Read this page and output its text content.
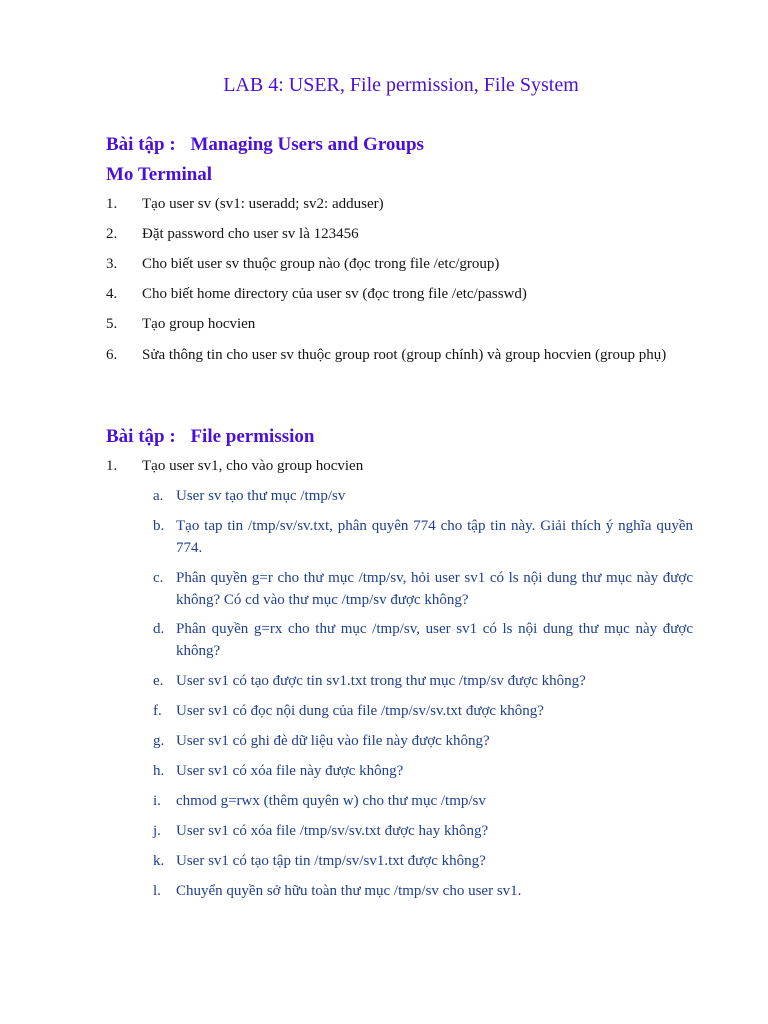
LAB 4: USER, File permission, File System
Bài tập : Managing Users and Groups
Mo Terminal
1.	Tạo user sv (sv1: useradd; sv2: adduser)
2.	Đặt password cho user sv là 123456
3.	Cho biết user sv thuộc group nào (đọc trong file /etc/group)
4.	Cho biết home directory của user sv (đọc trong file /etc/passwd)
5.	Tạo group hocvien
6.	Sửa thông tin cho user sv thuộc group root (group chính) và group hocvien (group phụ)
Bài tập : File permission
1.	Tạo user sv1, cho vào group hocvien
a. User sv tạo thư mục /tmp/sv
b. Tạo tap tin /tmp/sv/sv.txt, phân quyên 774 cho tập tin này. Giải thích ý nghĩa quyền 774.
c. Phân quyền g=r cho thư mục /tmp/sv, hỏi user sv1 có ls nội dung thư mục này được không? Có cd vào thư mục /tmp/sv được không?
d. Phân quyền g=rx cho thư mục /tmp/sv, user sv1 có ls nội dung thư mục này được không?
e. User sv1 có tạo được tin sv1.txt trong thư mục /tmp/sv được không?
f. User sv1 có đọc nội dung của file /tmp/sv/sv.txt được không?
g. User sv1 có ghi đè dữ liệu vào file này được không?
h. User sv1 có xóa file này được không?
i.	chmod g=rwx (thêm quyên w) cho thư mục /tmp/sv
j.	User sv1 có xóa file /tmp/sv/sv.txt được hay không?
k. User sv1 có tạo tập tin /tmp/sv/sv1.txt được không?
l.	Chuyển quyền sở hữu toàn thư mục /tmp/sv cho user sv1.
